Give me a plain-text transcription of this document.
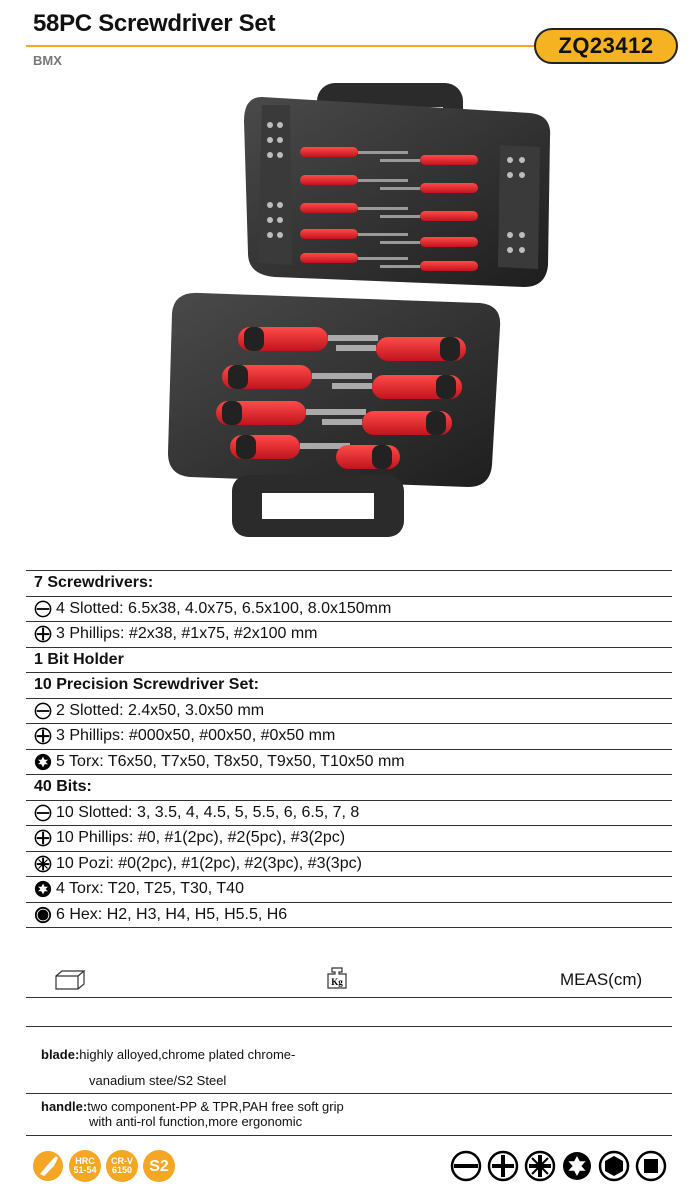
58PC Screwdriver Set
ZQ23412
BMX
7 Screwdrivers:
4 Slotted: 6.5x38, 4.0x75, 6.5x100, 8.0x150mm
3 Phillips: #2x38, #1x75, #2x100 mm
1 Bit Holder
10 Precision Screwdriver Set:
2 Slotted: 2.4x50, 3.0x50 mm
3 Phillips: #000x50, #00x50, #0x50 mm
5 Torx: T6x50, T7x50, T8x50, T9x50, T10x50 mm
40 Bits:
10 Slotted: 3, 3.5, 4, 4.5, 5, 5.5, 6, 6.5, 7, 8
10 Phillips: #0, #1(2pc), #2(5pc), #3(2pc)
10 Pozi: #0(2pc), #1(2pc), #2(3pc), #3(3pc)
4 Torx: T20, T25, T30, T40
6 Hex: H2, H3, H4, H5, H5.5, H6
Kg	MEAS(cm)
blade:highly alloyed,chrome plated chrome-
vanadium stee/S2 Steel
handle:two component-PP & TPR,PAH free soft grip
with anti-rol function,more ergonomic
HRC
51-54
CR-V
6150 S2
